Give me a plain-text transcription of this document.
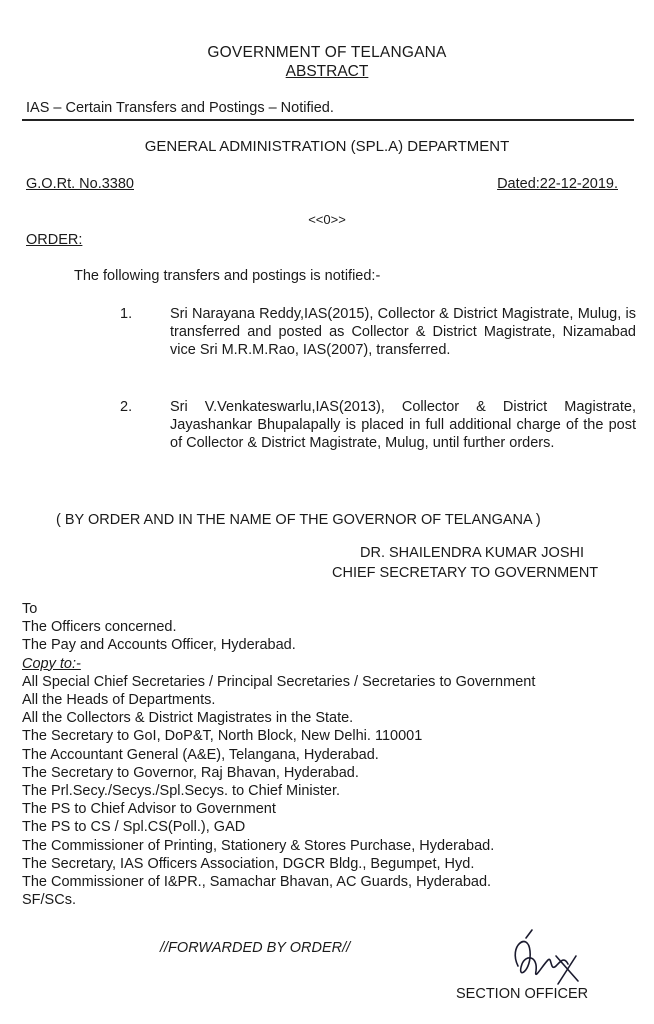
GOVERNMENT OF TELANGANA
ABSTRACT
IAS – Certain Transfers and Postings – Notified.
GENERAL ADMINISTRATION (SPL.A) DEPARTMENT
G.O.Rt. No.3380	Dated:22-12-2019.
<<0>>
ORDER:
The following transfers and postings is notified:-
1.	Sri Narayana Reddy,IAS(2015), Collector & District Magistrate, Mulug, is transferred and posted as Collector & District Magistrate, Nizamabad vice Sri M.R.M.Rao, IAS(2007), transferred.
2.	Sri V.Venkateswarlu,IAS(2013), Collector & District Magistrate, Jayashankar Bhupalapally is placed in full additional charge of the post of Collector & District Magistrate, Mulug, until further orders.
( BY ORDER AND IN THE NAME OF THE GOVERNOR OF TELANGANA )
DR. SHAILENDRA KUMAR JOSHI
CHIEF SECRETARY TO GOVERNMENT
To
The Officers concerned.
The Pay and Accounts Officer, Hyderabad.
Copy to:-
All Special Chief Secretaries / Principal Secretaries / Secretaries to Government
All the Heads of Departments.
All the Collectors & District Magistrates in the State.
The Secretary to GoI, DoP&T, North Block, New Delhi. 110001
The Accountant General (A&E), Telangana, Hyderabad.
The Secretary to Governor, Raj Bhavan, Hyderabad.
The Prl.Secy./Secys./Spl.Secys. to Chief Minister.
The PS to Chief Advisor to Government
The PS to CS / Spl.CS(Poll.), GAD
The Commissioner of Printing, Stationery & Stores Purchase, Hyderabad.
The Secretary, IAS Officers Association, DGCR Bldg., Begumpet, Hyd.
The Commissioner of I&PR., Samachar Bhavan, AC Guards, Hyderabad.
SF/SCs.
//FORWARDED BY ORDER//
SECTION OFFICER
